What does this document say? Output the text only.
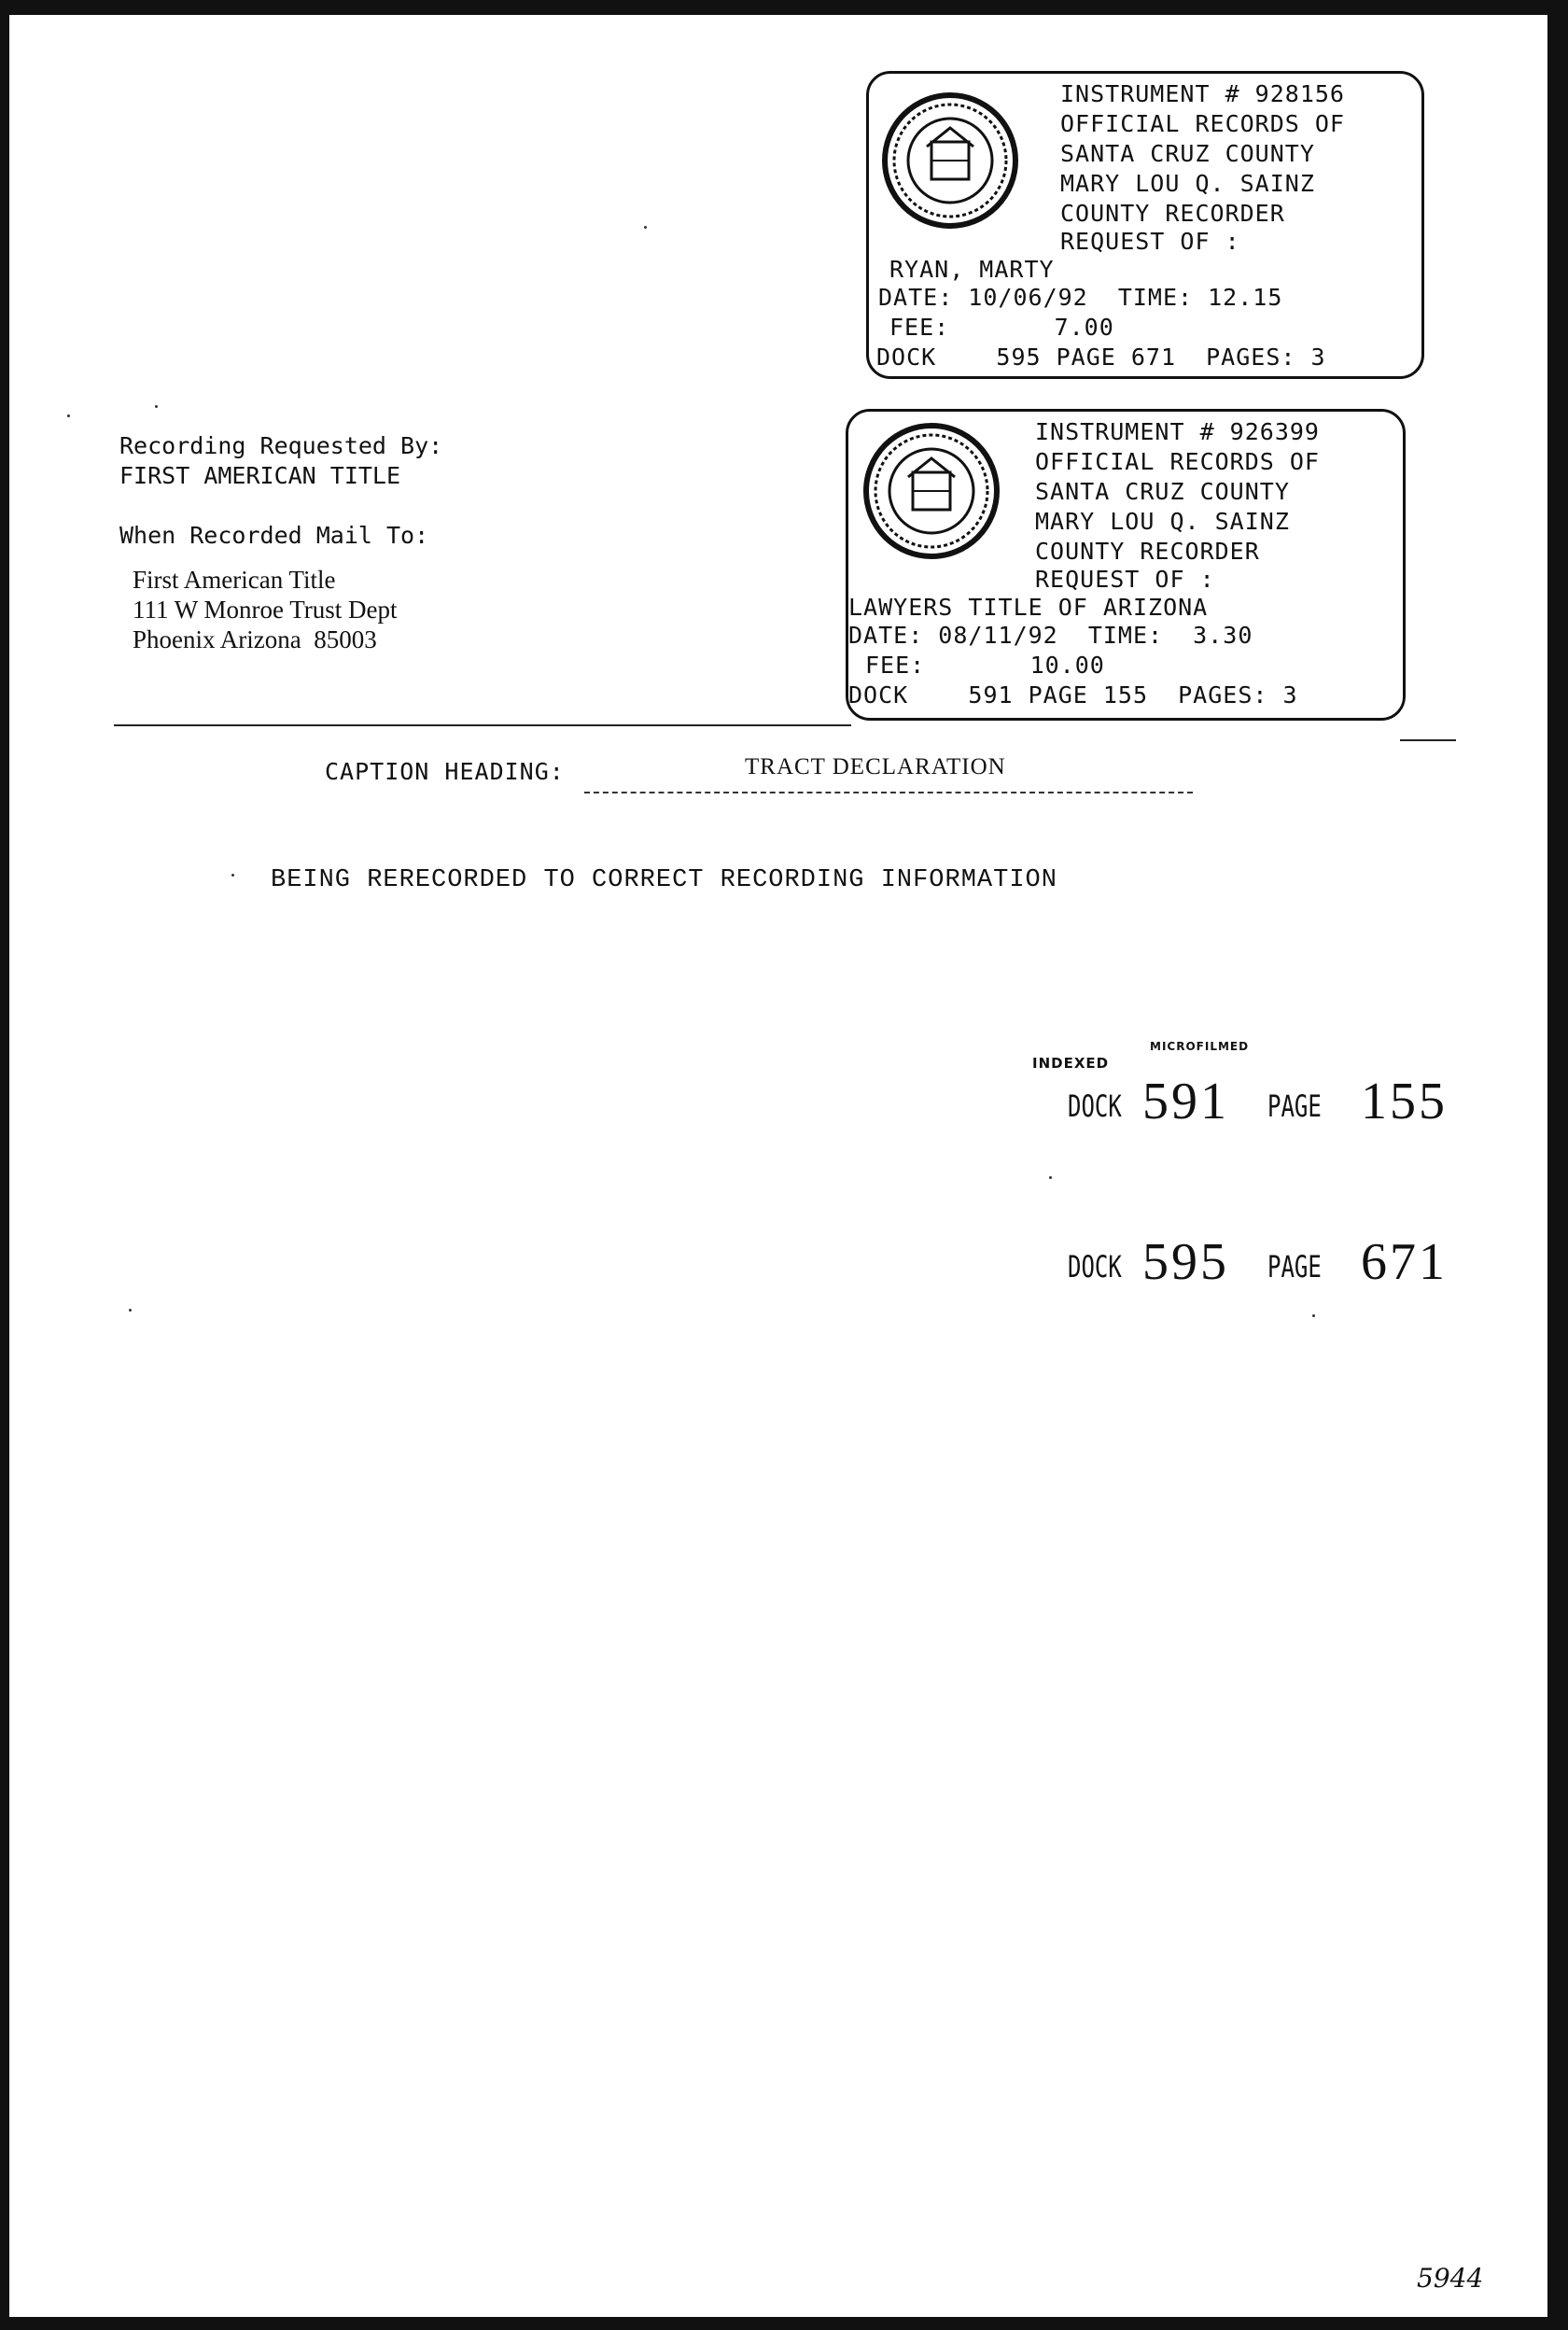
INSTRUMENT # 928156
OFFICIAL RECORDS OF
SANTA CRUZ COUNTY
MARY LOU Q. SAINZ
COUNTY RECORDER
REQUEST OF :
RYAN, MARTY
DATE: 10/06/92  TIME: 12.15
FEE:       7.00
DOCK    595 PAGE 671  PAGES: 3
INSTRUMENT # 926399
OFFICIAL RECORDS OF
SANTA CRUZ COUNTY
MARY LOU Q. SAINZ
COUNTY RECORDER
REQUEST OF :
LAWYERS TITLE OF ARIZONA
DATE: 08/11/92  TIME:  3.30
FEE:       10.00
DOCK    591 PAGE 155  PAGES: 3
Recording Requested By:
FIRST AMERICAN TITLE
When Recorded Mail To:
First American Title
111 W Monroe Trust Dept
Phoenix Arizona  85003
CAPTION HEADING:	TRACT DECLARATION
BEING RERECORDED TO CORRECT RECORDING INFORMATION
INDEXED
MICROFILMED
DOCK 591 PAGE 155
DOCK 595 PAGE 671
5944
